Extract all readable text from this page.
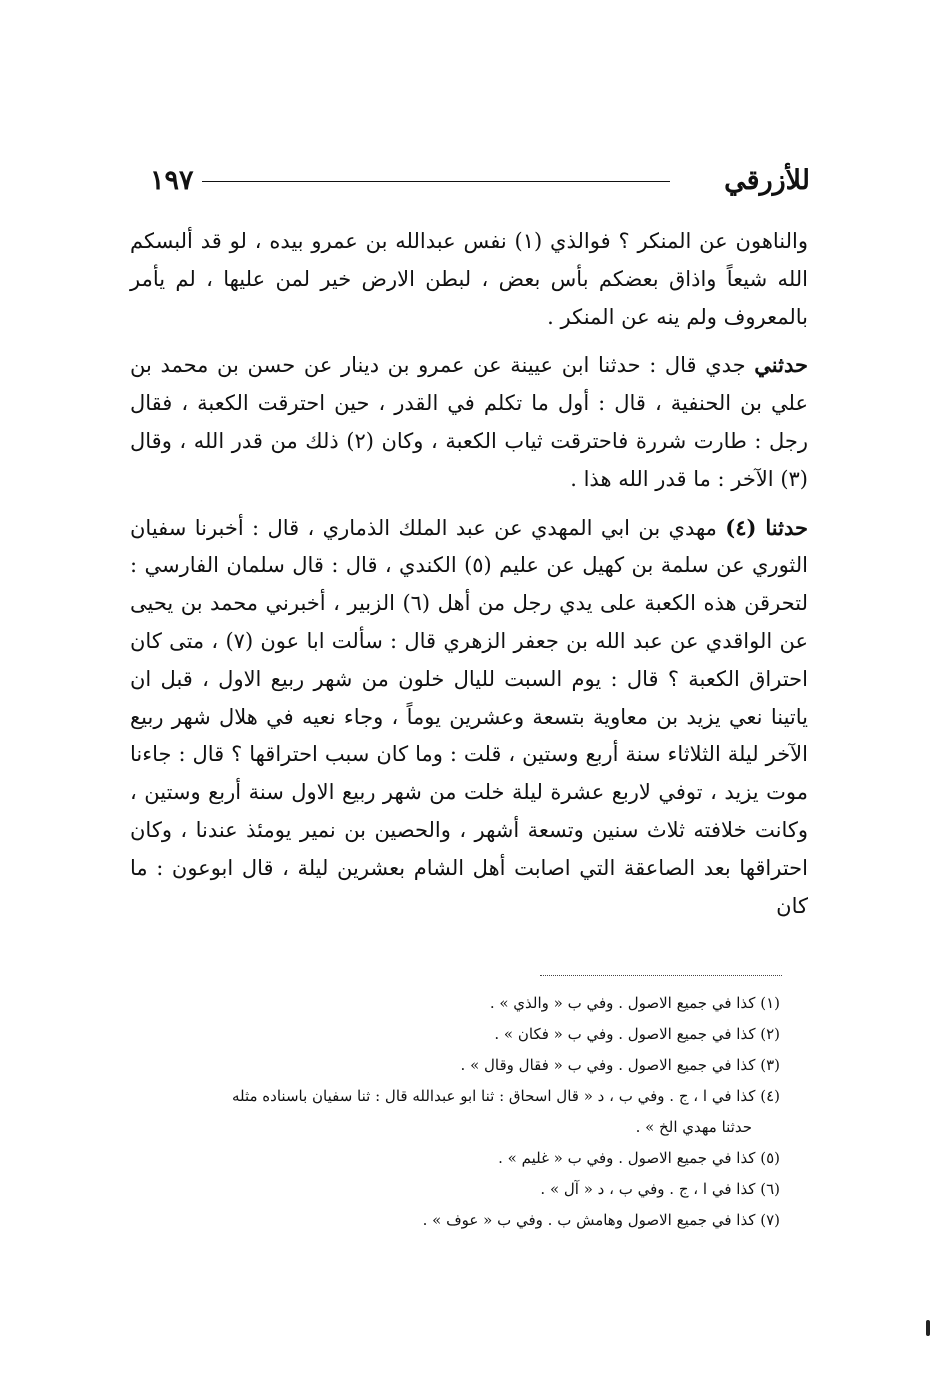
للأزرقي
١٩٧

والناهون عن المنكر ؟ فوالذي (١) نفس عبدالله بن عمرو بيده ، لو قد ألبسكم الله شيعاً واذاق بعضكم بأس بعض ، لبطن الارض خير لمن عليها ، لم يأمر بالمعروف ولم ينه عن المنكر .

حدثني جدي قال : حدثنا ابن عيينة عن عمرو بن دينار عن حسن بن محمد بن علي بن الحنفية ، قال : أول ما تكلم في القدر ، حين احترقت الكعبة ، فقال رجل : طارت شررة فاحترقت ثياب الكعبة ، وكان (٢) ذلك من قدر الله ، وقال (٣) الآخر : ما قدر الله هذا .

حدثنا (٤) مهدي بن ابي المهدي عن عبد الملك الذماري ، قال : أخبرنا سفيان الثوري عن سلمة بن كهيل عن عليم (٥) الكندي ، قال : قال سلمان الفارسي : لتحرقن هذه الكعبة على يدي رجل من أهل (٦) الزبير ، أخبرني محمد بن يحيى عن الواقدي عن عبد الله بن جعفر الزهري قال : سألت ابا عون (٧) ، متى كان احتراق الكعبة ؟ قال : يوم السبت لليال خلون من شهر ربيع الاول ، قبل ان ياتينا نعي يزيد بن معاوية بتسعة وعشرين يوماً ، وجاء نعيه في هلال شهر ربيع الآخر ليلة الثلاثاء سنة أربع وستين ، قلت : وما كان سبب احتراقها ؟ قال : جاءنا موت يزيد ، توفي لاربع عشرة ليلة خلت من شهر ربيع الاول سنة أربع وستين ، وكانت خلافته ثلاث سنين وتسعة أشهر ، والحصين بن نمير يومئذ عندنا ، وكان احتراقها بعد الصاعقة التي اصابت أهل الشام بعشرين ليلة ، قال ابوعون : ما كان

(١) كذا في جميع الاصول . وفي ب « والذي » .

(٢) كذا في جميع الاصول . وفي ب « فكان » .

(٣) كذا في جميع الاصول . وفي ب « فقال وقال » .

(٤) كذا في ا ، ج . وفي ب ، د « قال اسحاق : ثنا ابو عبدالله قال : ثنا سفيان باسناده مثله

حدثنا مهدي الخ » .

(٥) كذا في جميع الاصول . وفي ب « غليم » .

(٦) كذا في ا ، ج . وفي ب ، د « آل » .

(٧) كذا في جميع الاصول وهامش ب . وفي ب « عوف » .
